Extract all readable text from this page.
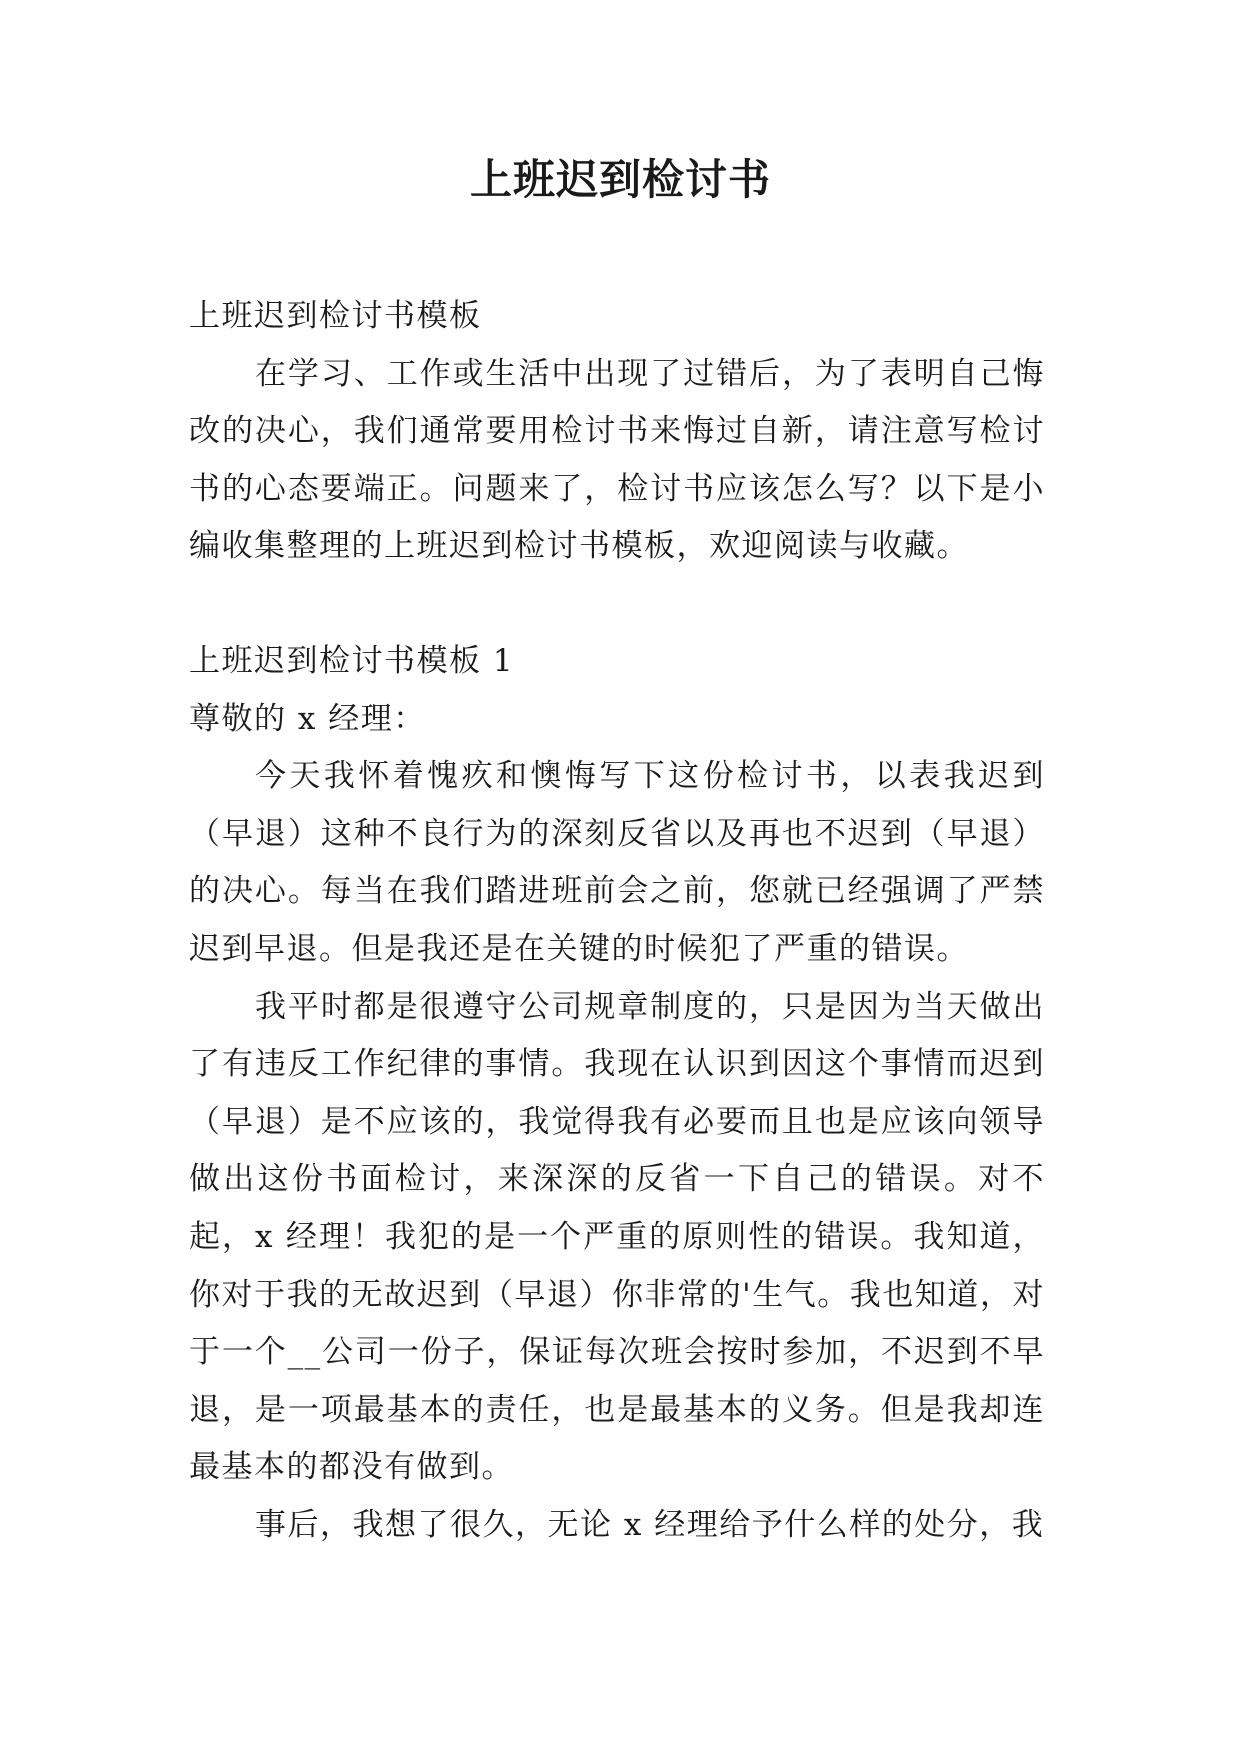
上班迟到检讨书

上班迟到检讨书模板

在学习、工作或生活中出现了过错后，为了表明自己悔改的决心，我们通常要用检讨书来悔过自新，请注意写检讨书的心态要端正。问题来了，检讨书应该怎么写？以下是小编收集整理的上班迟到检讨书模板，欢迎阅读与收藏。

上班迟到检讨书模板 1

尊敬的 x 经理：

今天我怀着愧疚和懊悔写下这份检讨书，以表我迟到（早退）这种不良行为的深刻反省以及再也不迟到（早退）的决心。每当在我们踏进班前会之前，您就已经强调了严禁迟到早退。但是我还是在关键的时候犯了严重的错误。

我平时都是很遵守公司规章制度的，只是因为当天做出了有违反工作纪律的事情。我现在认识到因这个事情而迟到（早退）是不应该的，我觉得我有必要而且也是应该向领导做出这份书面检讨，来深深的反省一下自己的错误。对不起，x 经理！我犯的是一个严重的原则性的错误。我知道，你对于我的无故迟到（早退）你非常的'生气。我也知道，对于一个__公司一份子，保证每次班会按时参加，不迟到不早退，是一项最基本的责任，也是最基本的义务。但是我却连最基本的都没有做到。

事后，我想了很久，无论 x 经理给予什么样的处分，我
